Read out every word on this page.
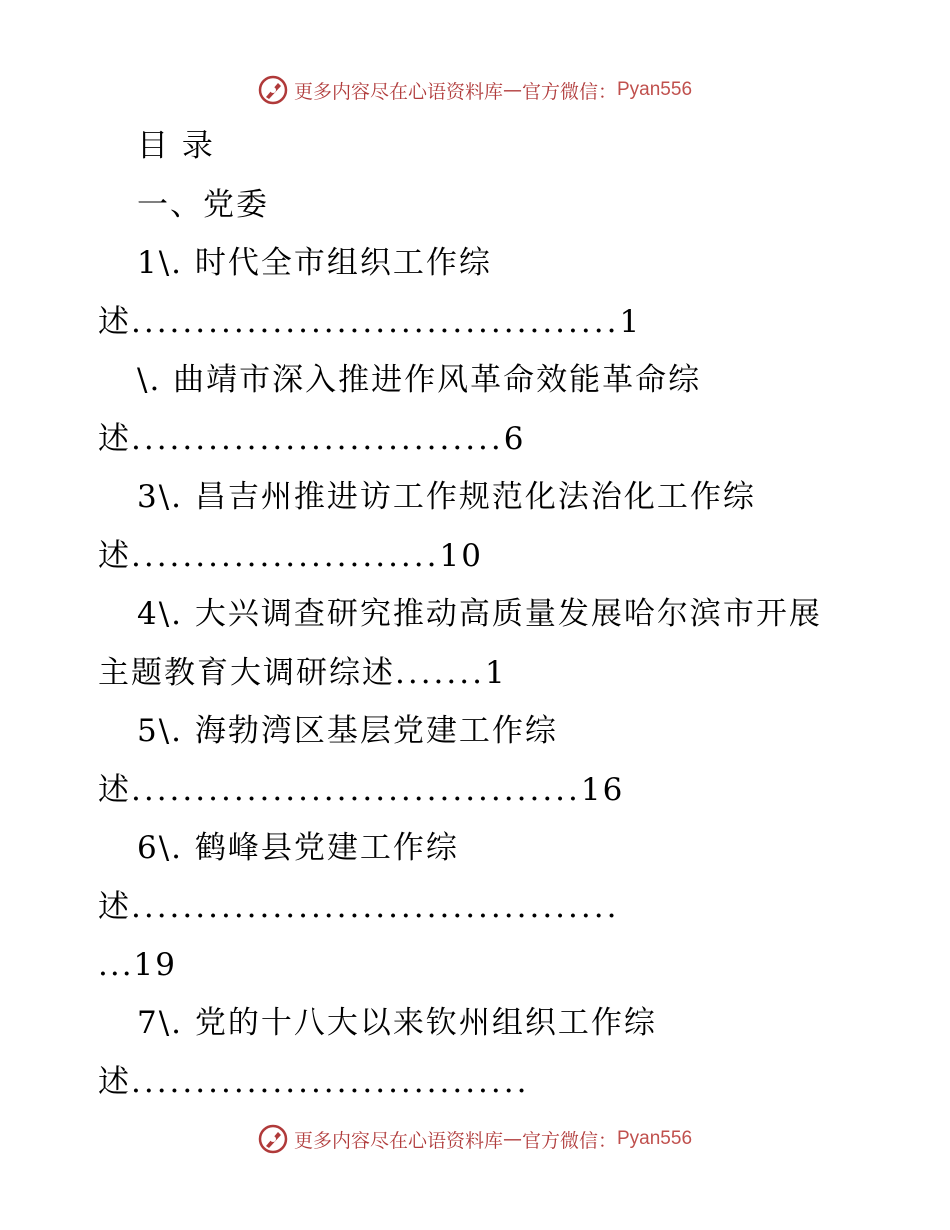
更多内容尽在心语资料库 — 官方微信： Pyan556
目 录
一、党委
1\. 时代全市组织工作综
述......................................1
\. 曲靖市深入推进作风革命效能革命综
述.............................6
3\. 昌吉州推进访工作规范化法治化工作综
述........................10
4\. 大兴调查研究推动高质量发展哈尔滨市开展
主题教育大调研综述.......1
5\. 海勃湾区基层党建工作综
述...................................16
6\. 鹤峰县党建工作综
述......................................
...19
7\. 党的十八大以来钦州组织工作综
述...............................
更多内容尽在心语资料库 — 官方微信： Pyan556
